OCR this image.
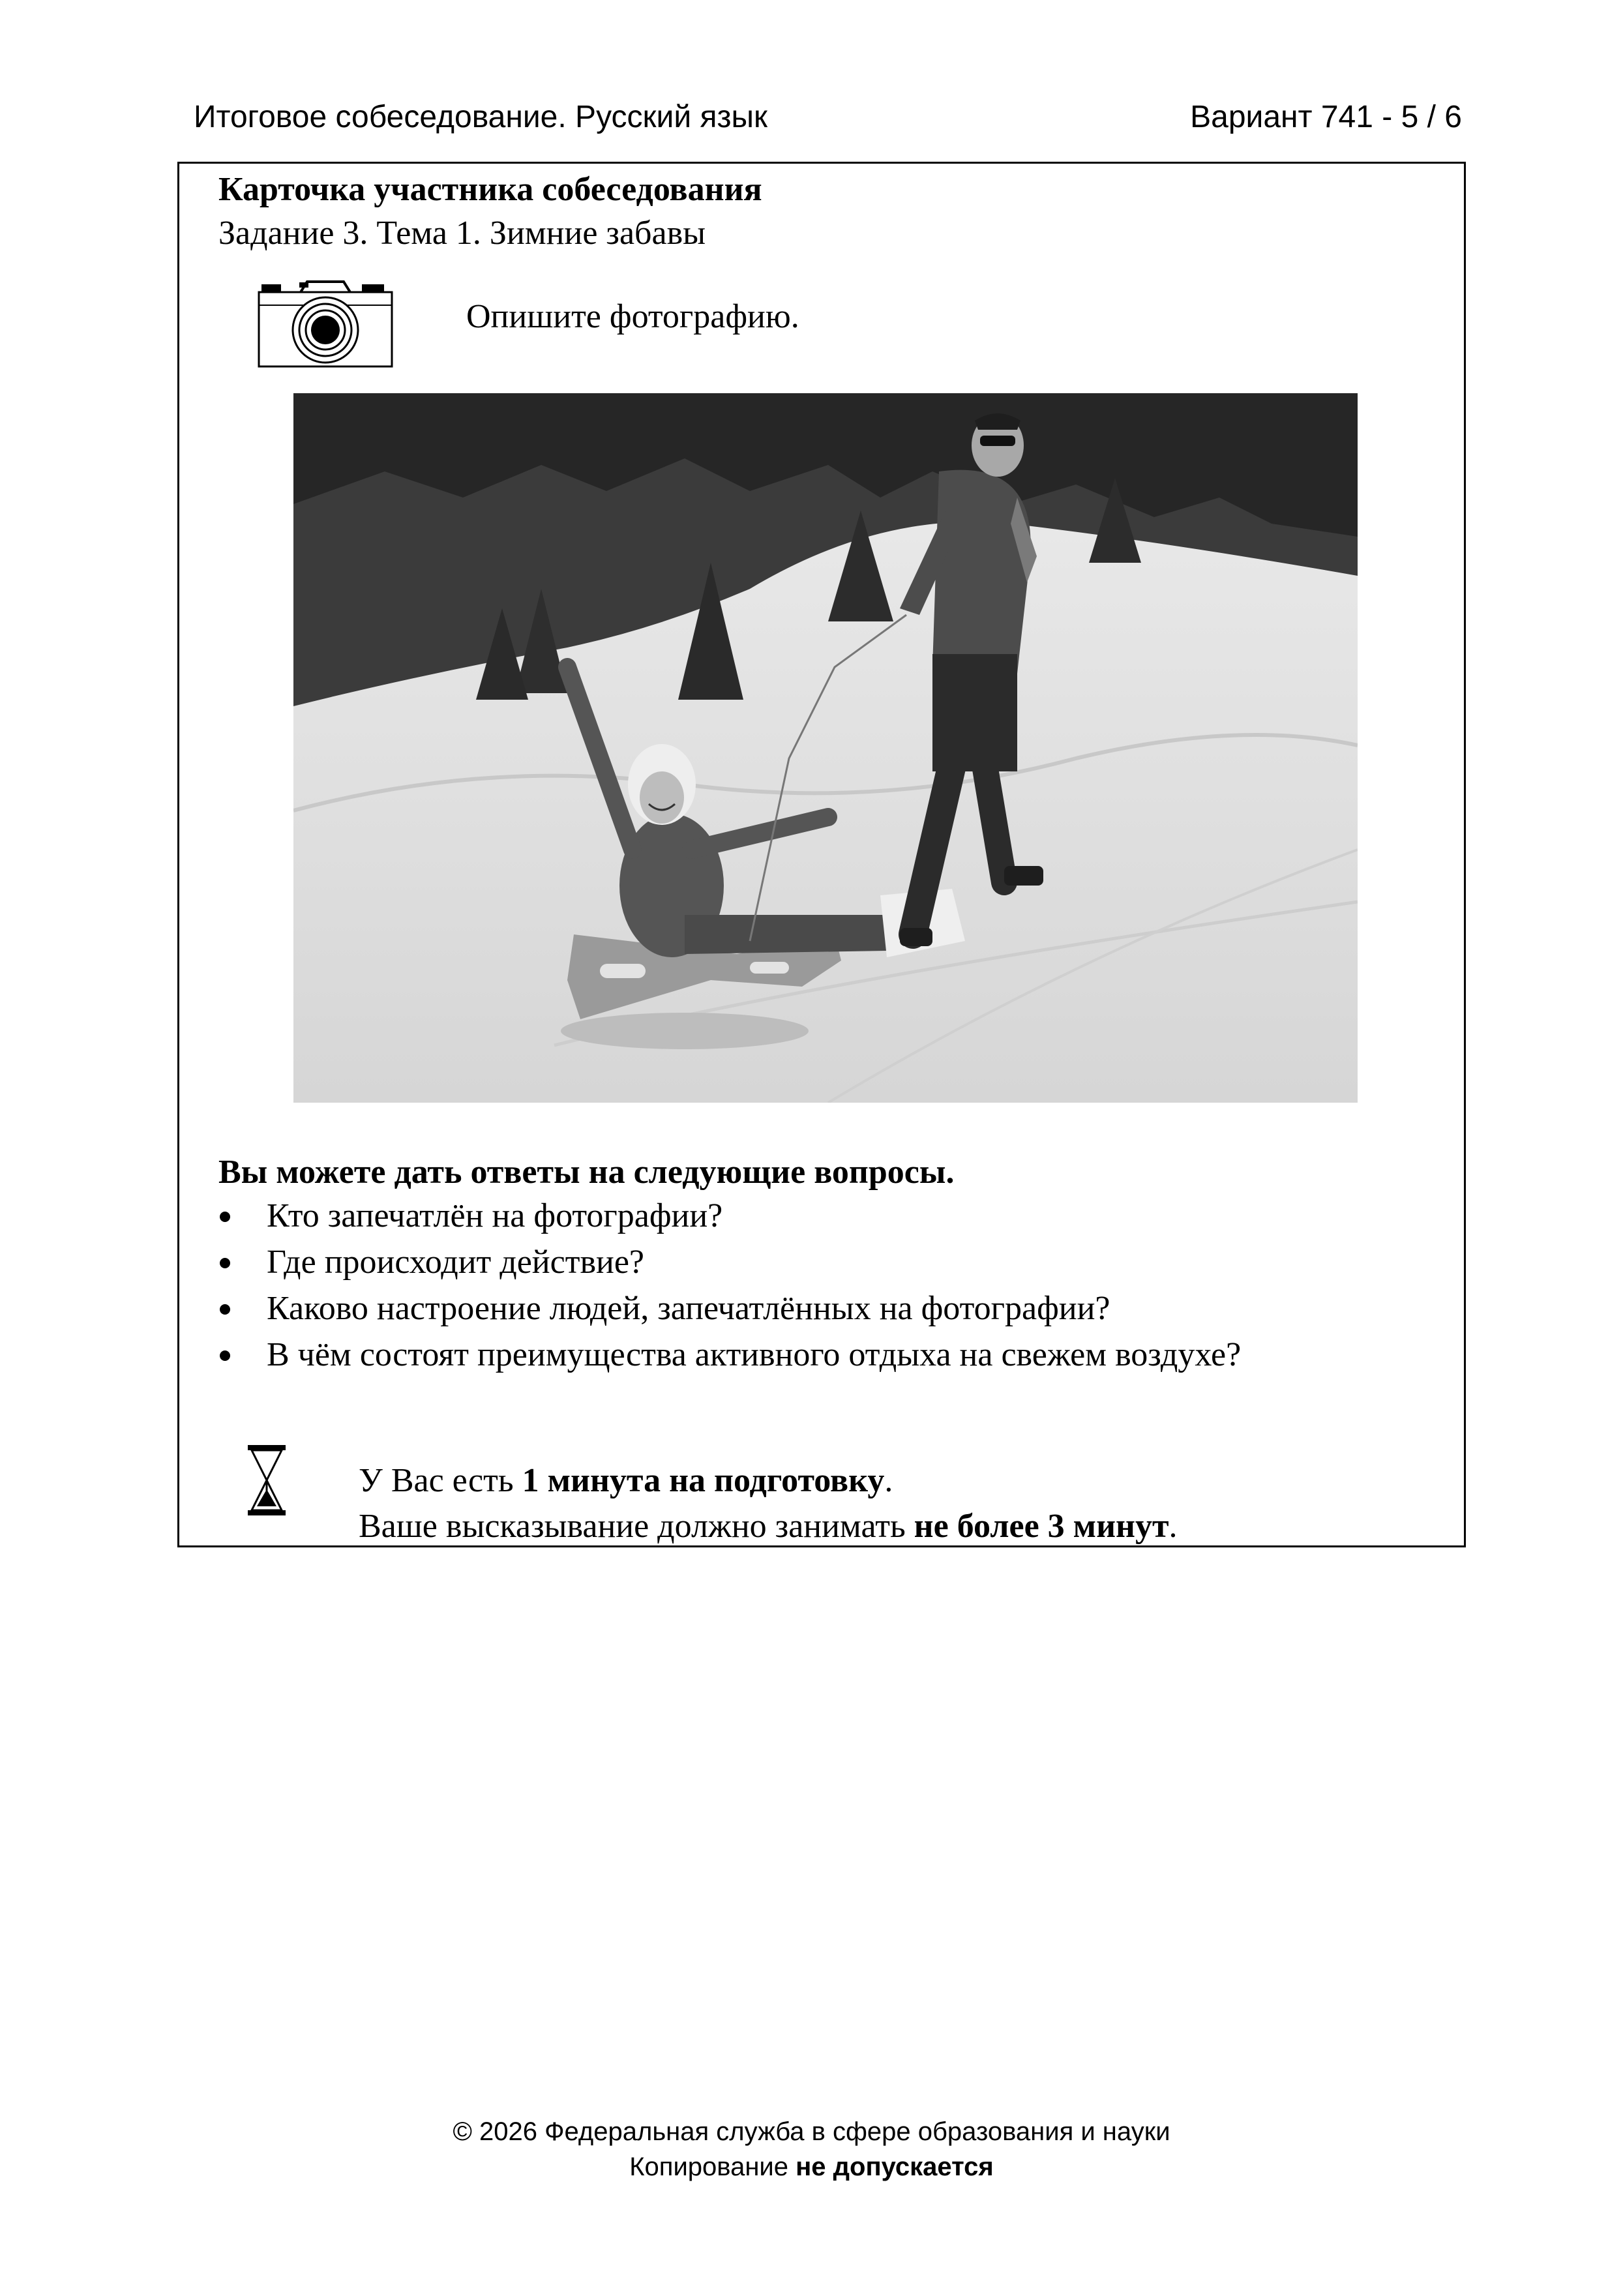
Итоговое собеседование. Русский язык	Вариант 741 - 5 / 6
Карточка участника собеседования
Задание 3. Тема 1. Зимние забавы
Опишите фотографию.
Вы можете дать ответы на следующие вопросы.
Кто запечатлён на фотографии?
Где происходит действие?
Каково настроение людей, запечатлённых на фотографии?
В чём состоят преимущества активного отдыха на свежем воздухе?
У Вас есть 1 минута на подготовку.
Ваше высказывание должно занимать не более 3 минут.
© 2026 Федеральная служба в сфере образования и науки
Копирование не допускается
